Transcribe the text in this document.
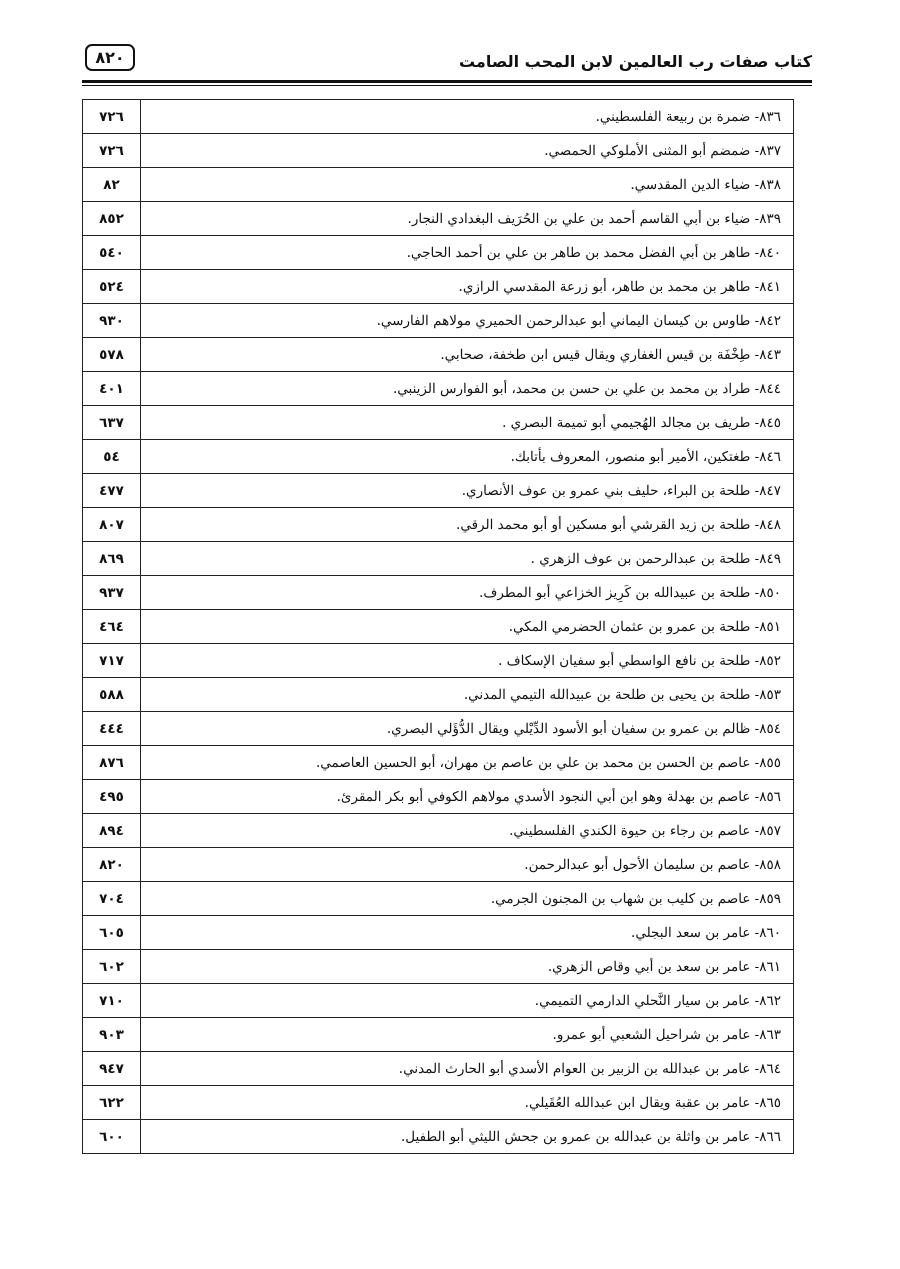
٨٢٠	كتاب صفات رب العالمين لابن المحب الصامت
٧٢٦	٨٣٦- ضمرة بن ربيعة الفلسطيني.
٧٢٦	٨٣٧- ضمضم أبو المثنى الأملوكي الحمصي.
٨٢	٨٣٨- ضياء الدين المقدسي.
٨٥٢	٨٣٩- ضياء بن أبي القاسم أحمد بن علي بن الحُرَيف البغدادي النجار.
٥٤٠	٨٤٠- طاهر بن أبي الفضل محمد بن طاهر بن علي بن أحمد الحاجي.
٥٢٤	٨٤١- طاهر بن محمد بن طاهر، أبو زرعة المقدسي الرازي.
٩٣٠	٨٤٢- طاوس بن كيسان اليماني أبو عبدالرحمن الحميري مولاهم الفارسي.
٥٧٨	٨٤٣- طِخْفَة بن قيس الغفاري ويقال قيس ابن طخفة، صحابي.
٤٠١	٨٤٤- طراد بن محمد بن علي بن حسن بن محمد، أبو الفوارس الزينبي.
٦٣٧	٨٤٥- طريف بن مجالد الهُجيمي أبو تميمة البصري .
٥٤	٨٤٦- طغتكين، الأمير أبو منصور، المعروف بأتابك.
٤٧٧	٨٤٧- طلحة بن البراء، حليف بني عمرو بن عوف الأنصاري.
٨٠٧	٨٤٨- طلحة بن زيد القرشي أبو مسكين أو أبو محمد الرقي.
٨٦٩	٨٤٩- طلحة بن عبدالرحمن بن عوف الزهري .
٩٣٧	٨٥٠- طلحة بن عبيدالله بن كَرِيز الخزاعي أبو المطرف.
٤٦٤	٨٥١- طلحة بن عمرو بن عثمان الحضرمي المكي.
٧١٧	٨٥٢- طلحة بن نافع الواسطي أبو سفيان الإسكاف .
٥٨٨	٨٥٣- طلحة بن يحيى بن طلحة بن عبيدالله التيمي المدني.
٤٤٤	٨٥٤- ظالم بن عمرو بن سفيان أبو الأسود الدِّيْلي ويقال الدُّؤَلي البصري.
٨٧٦	٨٥٥- عاصم بن الحسن بن محمد بن علي بن عاصم بن مهران، أبو الحسين العاصمي.
٤٩٥	٨٥٦- عاصم بن بهدلة وهو ابن أبي النجود الأسدي مولاهم الكوفي أبو بكر المقرئ.
٨٩٤	٨٥٧- عاصم بن رجاء بن حيوة الكندي الفلسطيني.
٨٢٠	٨٥٨- عاصم بن سليمان الأحول أبو عبدالرحمن.
٧٠٤	٨٥٩- عاصم بن كليب بن شهاب بن المجنون الجرمي.
٦٠٥	٨٦٠- عامر بن سعد البجلي.
٦٠٢	٨٦١- عامر بن سعد بن أبي وقاص الزهري.
٧١٠	٨٦٢- عامر بن سيار النَّحلي الدارمي التميمي.
٩٠٣	٨٦٣- عامر بن شراحيل الشعبي أبو عمرو.
٩٤٧	٨٦٤- عامر بن عبدالله بن الزبير بن العوام الأسدي أبو الحارث المدني.
٦٢٢	٨٦٥- عامر بن عقبة ويقال ابن عبدالله العُقَيلي.
٦٠٠	٨٦٦- عامر بن واثلة بن عبدالله بن عمرو بن جحش الليثي أبو الطفيل.
